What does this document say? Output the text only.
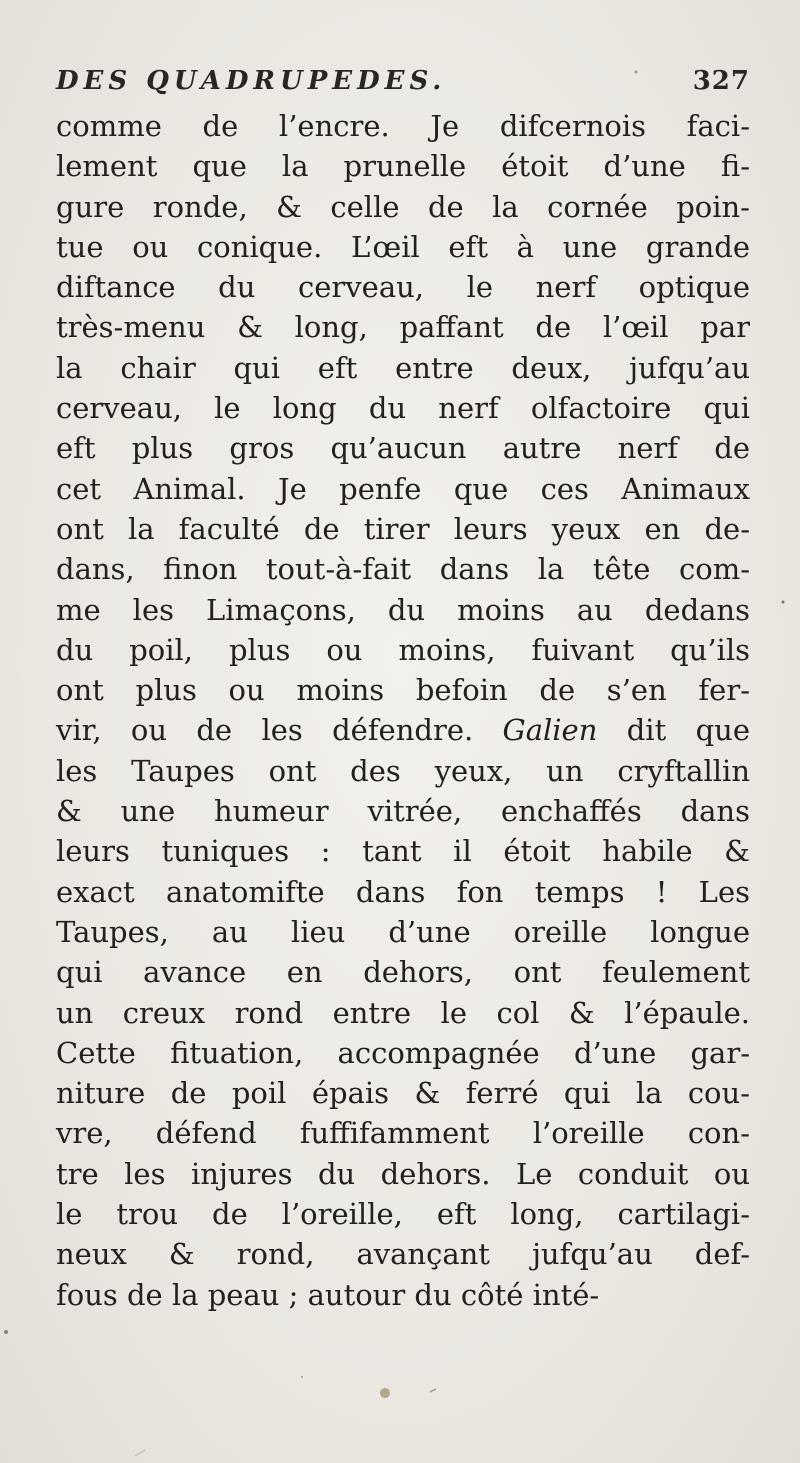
DES QUADRUPEDES.	327
comme de l’encre. Je difcernois faci-
lement que la prunelle étoit d’une fi-
gure ronde, & celle de la cornée poin-
tue ou conique. L’œil eft à une grande
diftance du cerveau, le nerf optique
très-menu & long, paffant de l’œil par
la chair qui eft entre deux, jufqu’au
cerveau, le long du nerf olfactoire qui
eft plus gros qu’aucun autre nerf de
cet Animal. Je penfe que ces Animaux
ont la faculté de tirer leurs yeux en de-
dans, finon tout-à-fait dans la tête com-
me les Limaçons, du moins au dedans
du poil, plus ou moins, fuivant qu’ils
ont plus ou moins befoin de s’en fer-
vir, ou de les défendre. Galien dit que
les Taupes ont des yeux, un cryftallin
& une humeur vitrée, enchaffés dans
leurs tuniques : tant il étoit habile &
exact anatomifte dans fon temps ! Les
Taupes, au lieu d’une oreille longue
qui avance en dehors, ont feulement
un creux rond entre le col & l’épaule.
Cette fituation, accompagnée d’une gar-
niture de poil épais & ferré qui la cou-
vre, défend fuffifamment l’oreille con-
tre les injures du dehors. Le conduit ou
le trou de l’oreille, eft long, cartilagi-
neux & rond, avançant jufqu’au def-
fous de la peau ; autour du côté inté-
